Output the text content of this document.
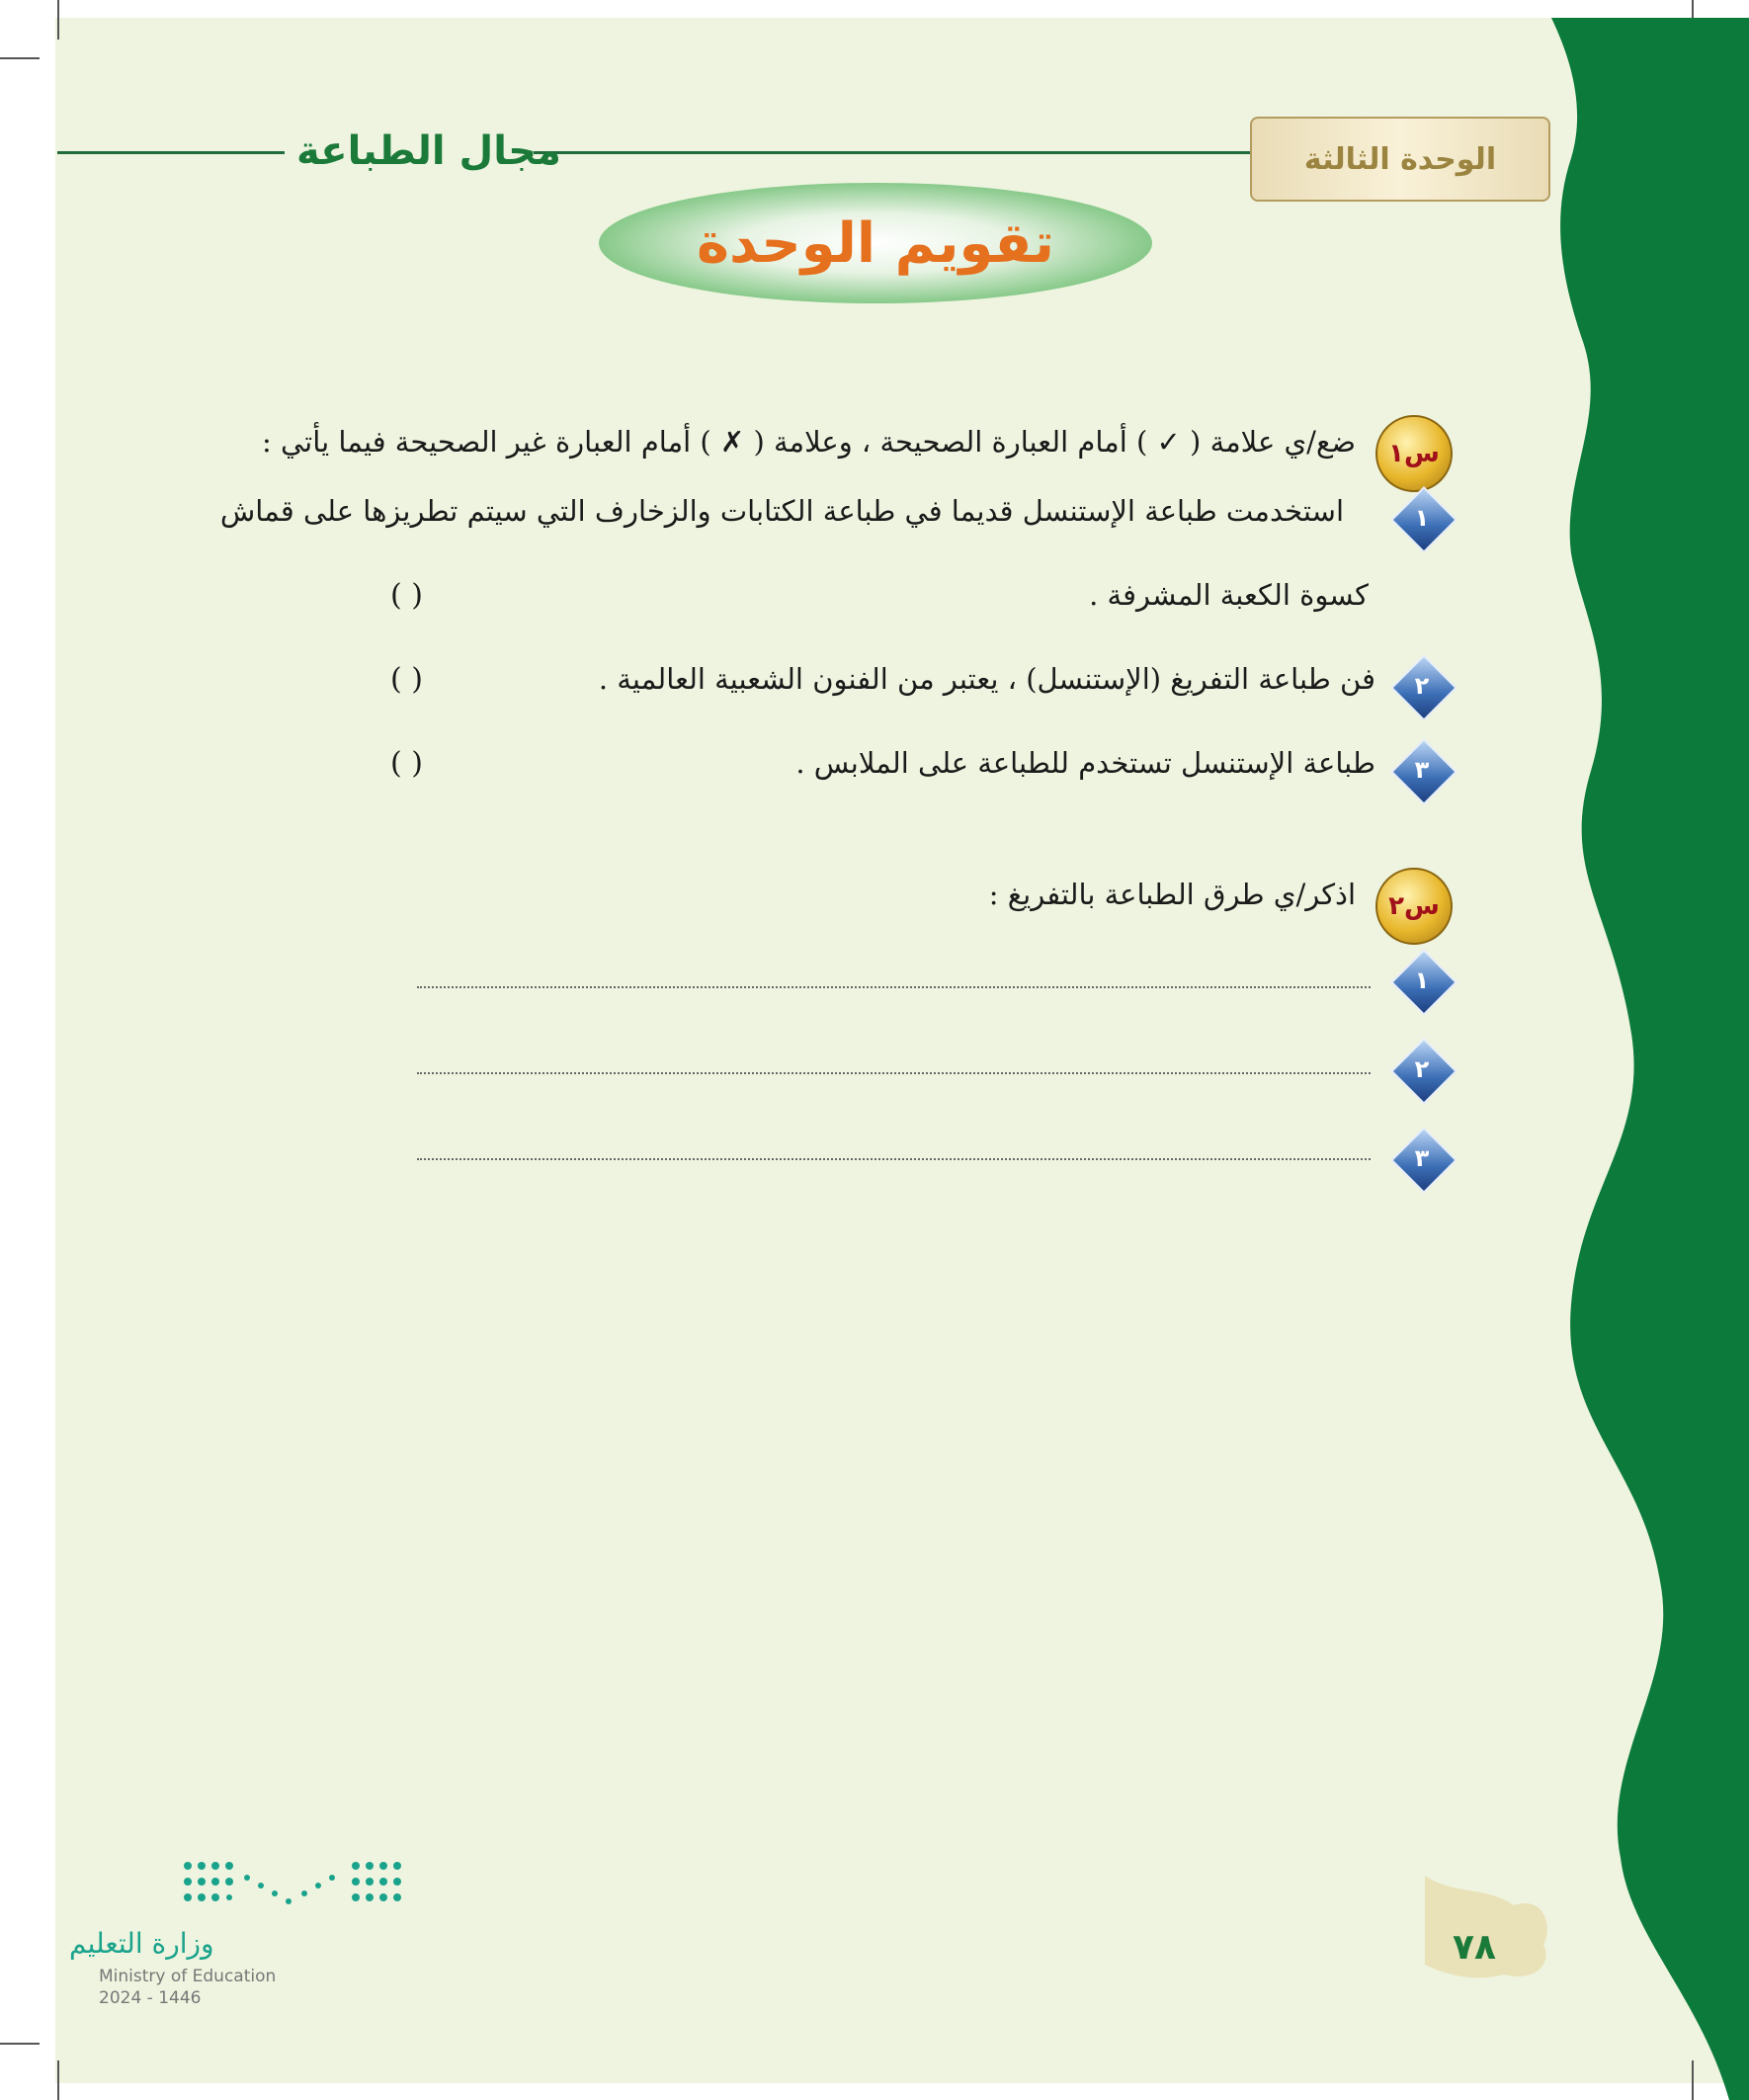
مجال الطباعة	الوحدة الثالثة
تقويم الوحدة
س١
ضع/ي علامة ( ✓ ) أمام العبارة الصحيحة ، وعلامة ( ✗ ) أمام العبارة غير الصحيحة فيما يأتي :
١
استخدمت طباعة الإستنسل قديما في طباعة الكتابات والزخارف التي سيتم تطريزها على قماش
كسوة الكعبة المشرفة .
( )
٢
فن طباعة التفريغ (الإستنسل) ، يعتبر من الفنون الشعبية العالمية .
( )
٣
طباعة الإستنسل تستخدم للطباعة على الملابس .
( )
س٢
اذكر/ي طرق الطباعة بالتفريغ :
١
٢
٣
وزارة التعليم
Ministry of Education
2024 - 1446
٧٨
